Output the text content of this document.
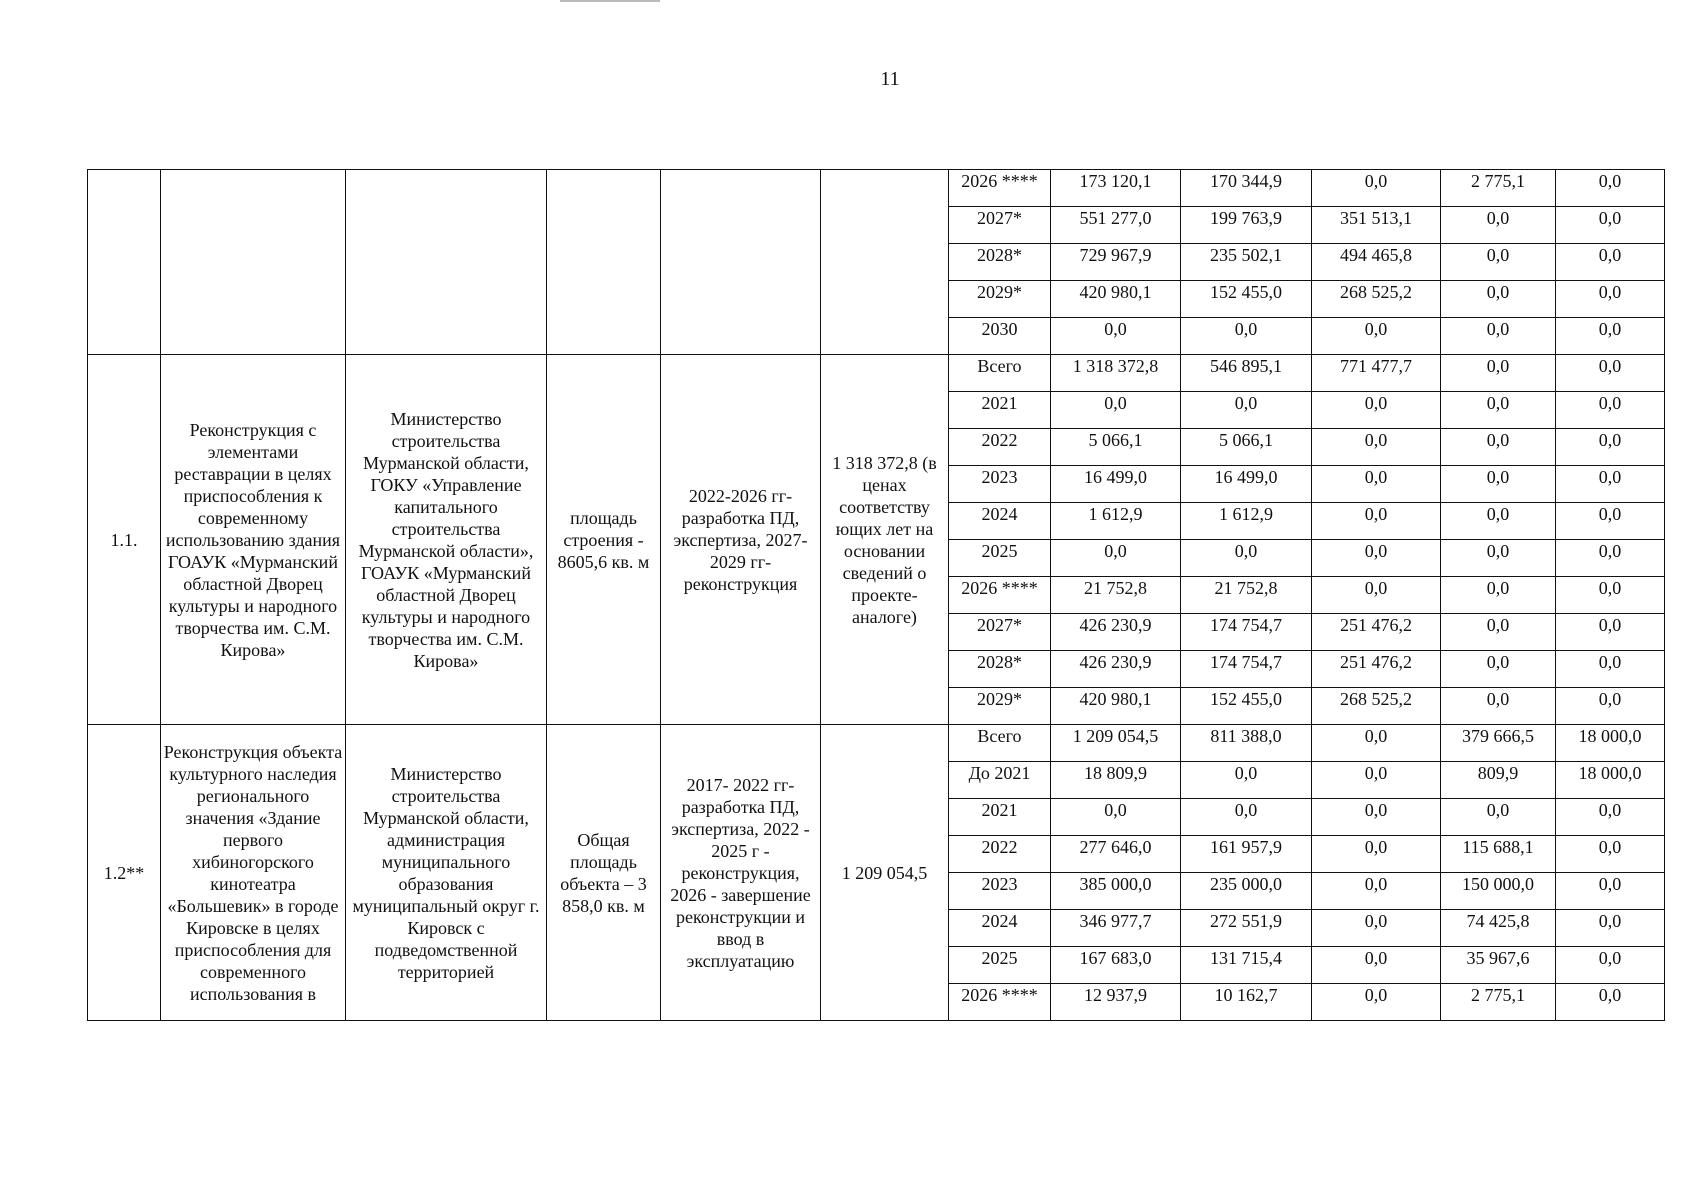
11
						2026 ****	173 120,1	170 344,9	0,0	2 775,1	0,0
						2027*	551 277,0	199 763,9	351 513,1	0,0	0,0
						2028*	729 967,9	235 502,1	494 465,8	0,0	0,0
						2029*	420 980,1	152 455,0	268 525,2	0,0	0,0
						2030	0,0	0,0	0,0	0,0	0,0
1.1.	Реконструкция с элементами реставрации в целях приспособления к современному использованию здания ГОАУК «Мурманский областной Дворец культуры и народного творчества им. С.М. Кирова»	Министерство строительства Мурманской области, ГОКУ «Управление капитального строительства Мурманской области», ГОАУК «Мурманский областной Дворец культуры и народного творчества им. С.М. Кирова»	площадь строения - 8605,6 кв. м	2022-2026 гг- разработка ПД, экспертиза, 2027-2029 гг- реконструкция	1 318 372,8 (в ценах соответству ющих лет на основании сведений о проекте- аналоге)	Всего	1 318 372,8	546 895,1	771 477,7	0,0	0,0
						2021	0,0	0,0	0,0	0,0	0,0
						2022	5 066,1	5 066,1	0,0	0,0	0,0
						2023	16 499,0	16 499,0	0,0	0,0	0,0
						2024	1 612,9	1 612,9	0,0	0,0	0,0
						2025	0,0	0,0	0,0	0,0	0,0
						2026 ****	21 752,8	21 752,8	0,0	0,0	0,0
						2027*	426 230,9	174 754,7	251 476,2	0,0	0,0
						2028*	426 230,9	174 754,7	251 476,2	0,0	0,0
						2029*	420 980,1	152 455,0	268 525,2	0,0	0,0
1.2**	Реконструкция объекта культурного наследия регионального значения «Здание первого хибиногорского кинотеатра «Большевик» в городе Кировске в целях приспособления для современного использования в	Министерство строительства Мурманской области, администрация муниципального образования муниципальный округ г. Кировск с подведомственной территорией	Общая площадь объекта – 3 858,0 кв. м	2017- 2022 гг- разработка ПД, экспертиза, 2022 - 2025 г - реконструкция, 2026 - завершение реконструкции и ввод в эксплуатацию	1 209 054,5	Всего	1 209 054,5	811 388,0	0,0	379 666,5	18 000,0
						До 2021	18 809,9	0,0	0,0	809,9	18 000,0
						2021	0,0	0,0	0,0	0,0	0,0
						2022	277 646,0	161 957,9	0,0	115 688,1	0,0
						2023	385 000,0	235 000,0	0,0	150 000,0	0,0
						2024	346 977,7	272 551,9	0,0	74 425,8	0,0
						2025	167 683,0	131 715,4	0,0	35 967,6	0,0
						2026 ****	12 937,9	10 162,7	0,0	2 775,1	0,0
